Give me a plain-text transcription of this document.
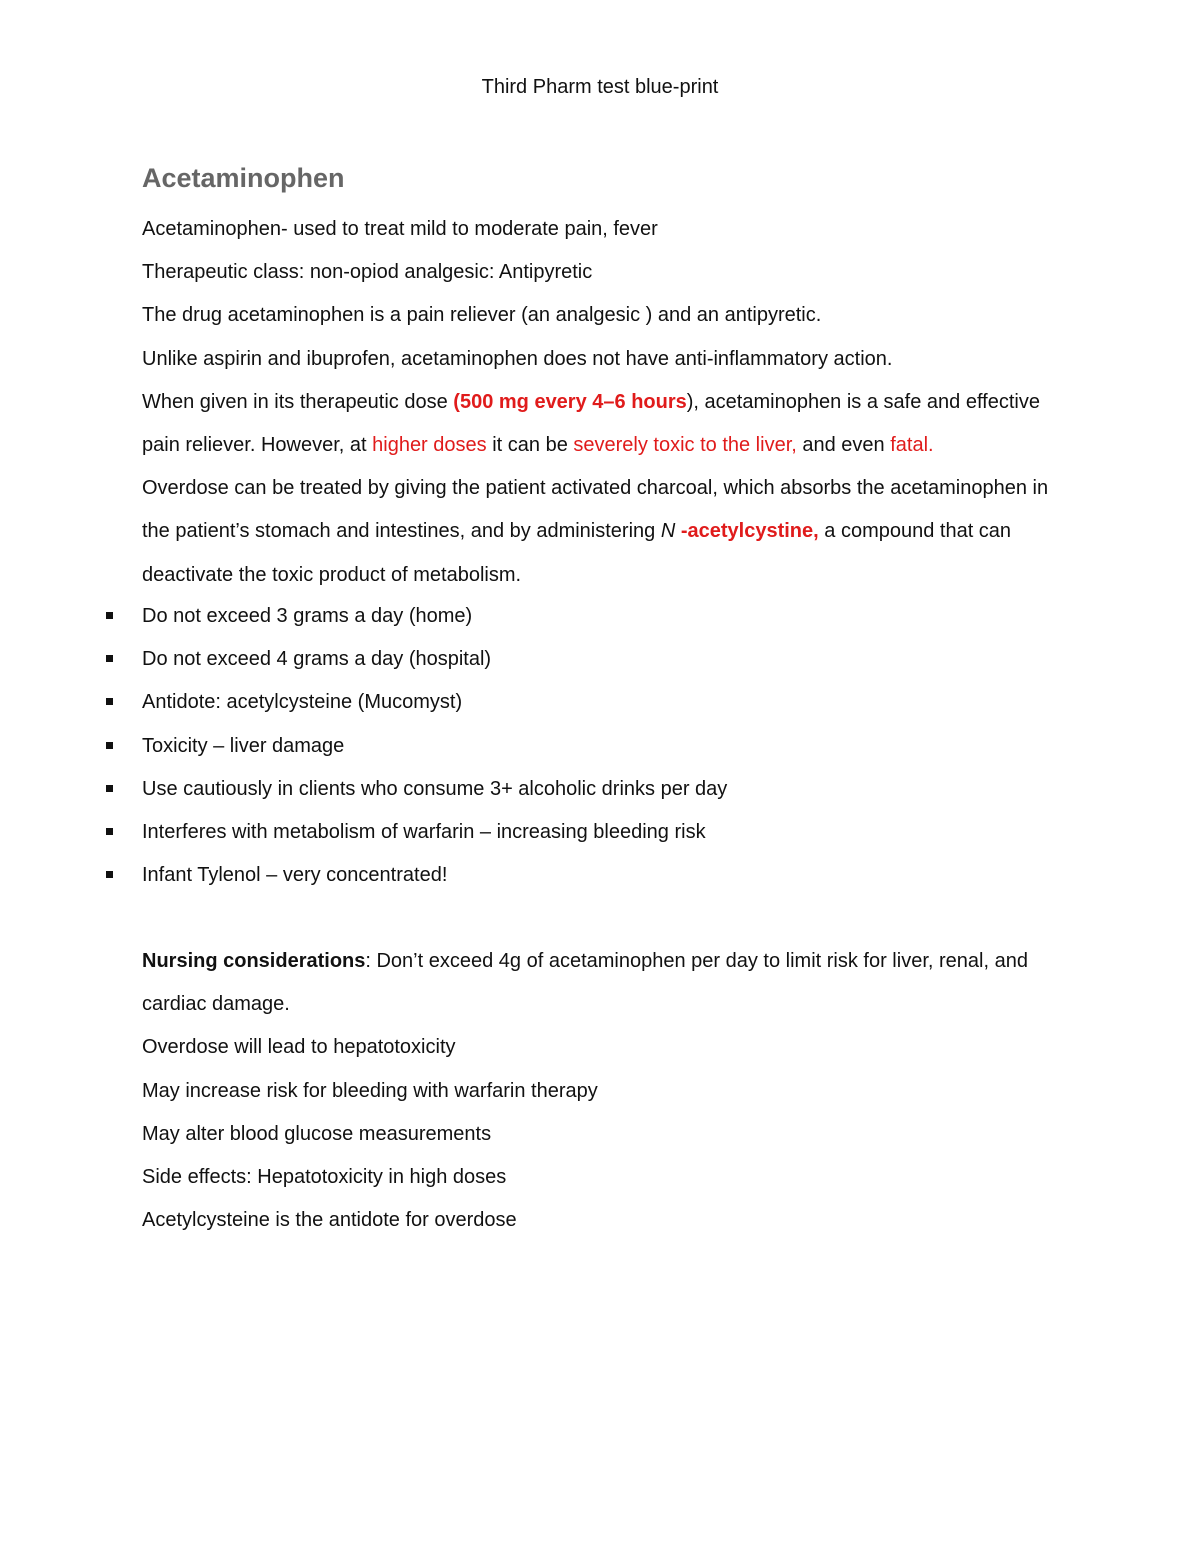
Third Pharm test blue-print
Acetaminophen
Acetaminophen- used to treat mild to moderate pain, fever
Therapeutic class: non-opiod analgesic: Antipyretic
The drug acetaminophen is a pain reliever (an analgesic ) and an antipyretic.
Unlike aspirin and ibuprofen, acetaminophen does not have anti-inflammatory action.
When given in its therapeutic dose (500 mg every 4–6 hours), acetaminophen is a safe and effective
pain reliever. However, at higher doses it can be severely toxic to the liver, and even fatal.
Overdose can be treated by giving the patient activated charcoal, which absorbs the acetaminophen in
the patient’s stomach and intestines, and by administering N -acetylcystine, a compound that can
deactivate the toxic product of metabolism.
Do not exceed 3 grams a day (home)
Do not exceed 4 grams a day (hospital)
Antidote: acetylcysteine (Mucomyst)
Toxicity – liver damage
Use cautiously in clients who consume 3+ alcoholic drinks per day
Interferes with metabolism of warfarin – increasing bleeding risk
Infant Tylenol – very concentrated!
Nursing considerations: Don’t exceed 4g of acetaminophen per day to limit risk for liver, renal, and
cardiac damage.
Overdose will lead to hepatotoxicity
May increase risk for bleeding with warfarin therapy
May alter blood glucose measurements
Side effects: Hepatotoxicity in high doses
Acetylcysteine is the antidote for overdose
